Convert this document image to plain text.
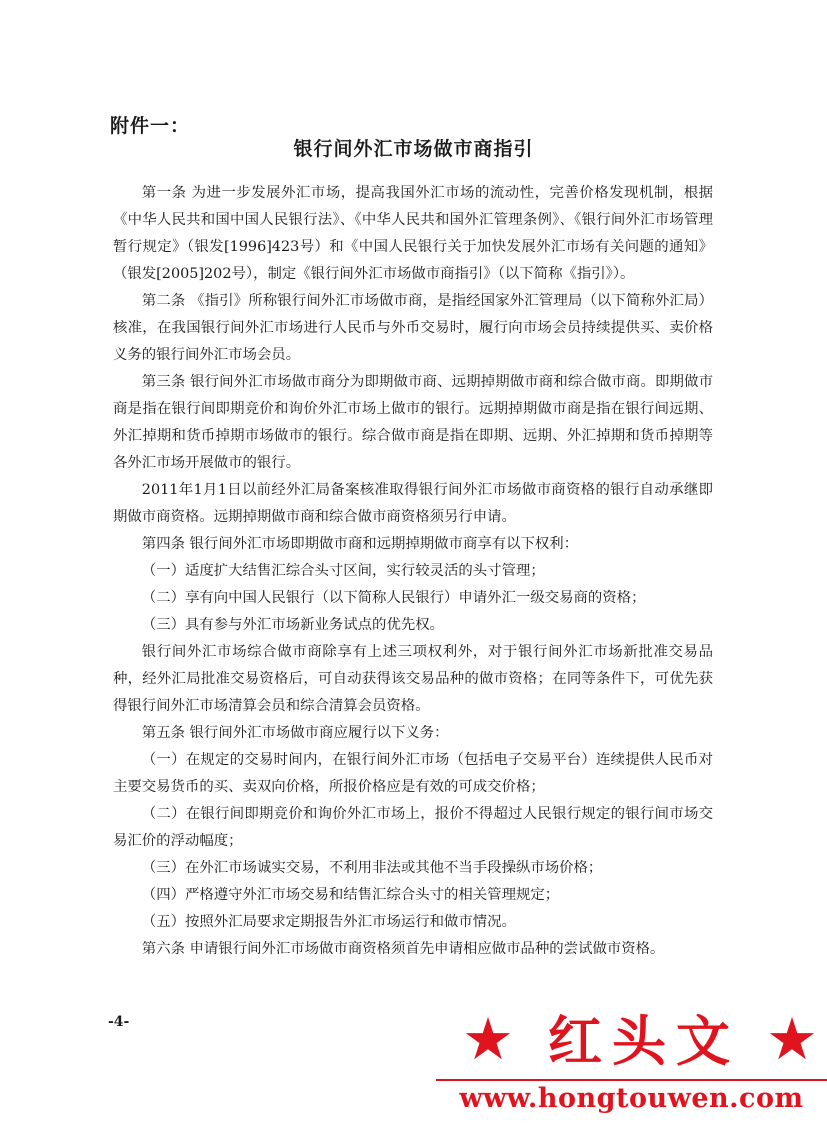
附件一：
银行间外汇市场做市商指引

第一条 为进一步发展外汇市场，提高我国外汇市场的流动性，完善价格发现机制，根据《中华人民共和国中国人民银行法》、《中华人民共和国外汇管理条例》、《银行间外汇市场管理暂行规定》（银发[1996]423号）和《中国人民银行关于加快发展外汇市场有关问题的通知》（银发[2005]202号），制定《银行间外汇市场做市商指引》（以下简称《指引》）。

第二条 《指引》所称银行间外汇市场做市商，是指经国家外汇管理局（以下简称外汇局）核准，在我国银行间外汇市场进行人民币与外币交易时，履行向市场会员持续提供买、卖价格义务的银行间外汇市场会员。

第三条 银行间外汇市场做市商分为即期做市商、远期掉期做市商和综合做市商。即期做市商是指在银行间即期竞价和询价外汇市场上做市的银行。远期掉期做市商是指在银行间远期、外汇掉期和货币掉期市场做市的银行。综合做市商是指在即期、远期、外汇掉期和货币掉期等各外汇市场开展做市的银行。

2011年1月1日以前经外汇局备案核准取得银行间外汇市场做市商资格的银行自动承继即期做市商资格。远期掉期做市商和综合做市商资格须另行申请。

第四条 银行间外汇市场即期做市商和远期掉期做市商享有以下权利：

（一）适度扩大结售汇综合头寸区间，实行较灵活的头寸管理；

（二）享有向中国人民银行（以下简称人民银行）申请外汇一级交易商的资格；

（三）具有参与外汇市场新业务试点的优先权。

银行间外汇市场综合做市商除享有上述三项权利外，对于银行间外汇市场新批准交易品种，经外汇局批准交易资格后，可自动获得该交易品种的做市资格；在同等条件下，可优先获得银行间外汇市场清算会员和综合清算会员资格。

第五条 银行间外汇市场做市商应履行以下义务：

（一）在规定的交易时间内，在银行间外汇市场（包括电子交易平台）连续提供人民币对主要交易货币的买、卖双向价格，所报价格应是有效的可成交价格；

（二）在银行间即期竞价和询价外汇市场上，报价不得超过人民银行规定的银行间市场交易汇价的浮动幅度；

（三）在外汇市场诚实交易，不利用非法或其他不当手段操纵市场价格；

（四）严格遵守外汇市场交易和结售汇综合头寸的相关管理规定；

（五）按照外汇局要求定期报告外汇市场运行和做市情况。

第六条 申请银行间外汇市场做市商资格须首先申请相应做市品种的尝试做市资格。

-4-	★ 红头文 ★
www.hongtouwen.com
